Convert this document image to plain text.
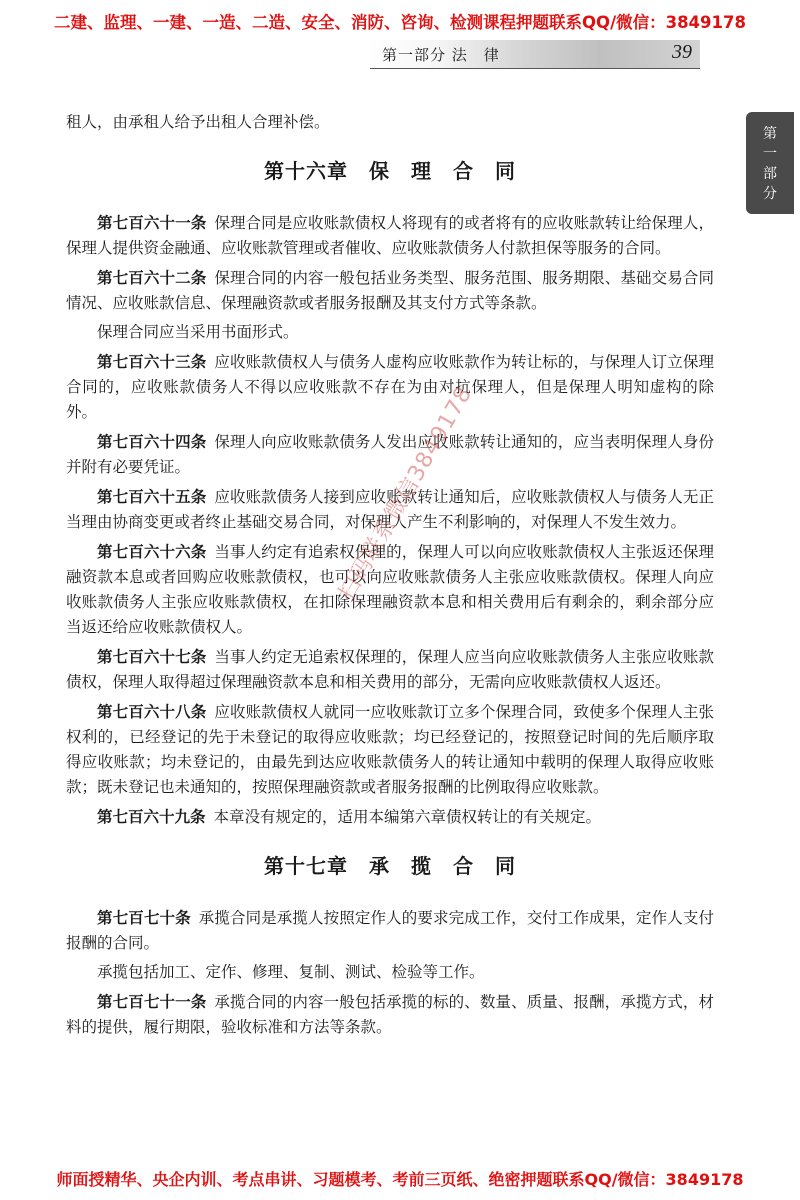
二建、监理、一建、一造、二造、安全、消防、咨询、检测课程押题联系QQ/微信：3849178
第一部分 法　律	39
第
一
部
分

租人，由承租人给予出租人合理补偿。

第十六章　保　理　合　同

第七百六十一条 保理合同是应收账款债权人将现有的或者将有的应收账款转让给保理人，保理人提供资金融通、应收账款管理或者催收、应收账款债务人付款担保等服务的合同。

第七百六十二条 保理合同的内容一般包括业务类型、服务范围、服务期限、基础交易合同情况、应收账款信息、保理融资款或者服务报酬及其支付方式等条款。

保理合同应当采用书面形式。

第七百六十三条 应收账款债权人与债务人虚构应收账款作为转让标的，与保理人订立保理合同的，应收账款债务人不得以应收账款不存在为由对抗保理人，但是保理人明知虚构的除外。

第七百六十四条 保理人向应收账款债务人发出应收账款转让通知的，应当表明保理人身份并附有必要凭证。

第七百六十五条 应收账款债务人接到应收账款转让通知后，应收账款债权人与债务人无正当理由协商变更或者终止基础交易合同，对保理人产生不利影响的，对保理人不发生效力。

第七百六十六条 当事人约定有追索权保理的，保理人可以向应收账款债权人主张返还保理融资款本息或者回购应收账款债权，也可以向应收账款债务人主张应收账款债权。保理人向应收账款债务人主张应收账款债权，在扣除保理融资款本息和相关费用后有剩余的，剩余部分应当返还给应收账款债权人。

第七百六十七条 当事人约定无追索权保理的，保理人应当向应收账款债务人主张应收账款债权，保理人取得超过保理融资款本息和相关费用的部分，无需向应收账款债权人返还。

第七百六十八条 应收账款债权人就同一应收账款订立多个保理合同，致使多个保理人主张权利的，已经登记的先于未登记的取得应收账款；均已经登记的，按照登记时间的先后顺序取得应收账款；均未登记的，由最先到达应收账款债务人的转让通知中载明的保理人取得应收账款；既未登记也未通知的，按照保理融资款或者服务报酬的比例取得应收账款。

第七百六十九条 本章没有规定的，适用本编第六章债权转让的有关规定。

第十七章　承　揽　合　同

第七百七十条 承揽合同是承揽人按照定作人的要求完成工作，交付工作成果，定作人支付报酬的合同。

承揽包括加工、定作、修理、复制、测试、检验等工作。

第七百七十一条 承揽合同的内容一般包括承揽的标的、数量、质量、报酬，承揽方式，材料的提供，履行期限，验收标准和方法等条款。

扫码联系微信3849178
师面授精华、央企内训、考点串讲、习题模考、考前三页纸、绝密押题联系QQ/微信：3849178
